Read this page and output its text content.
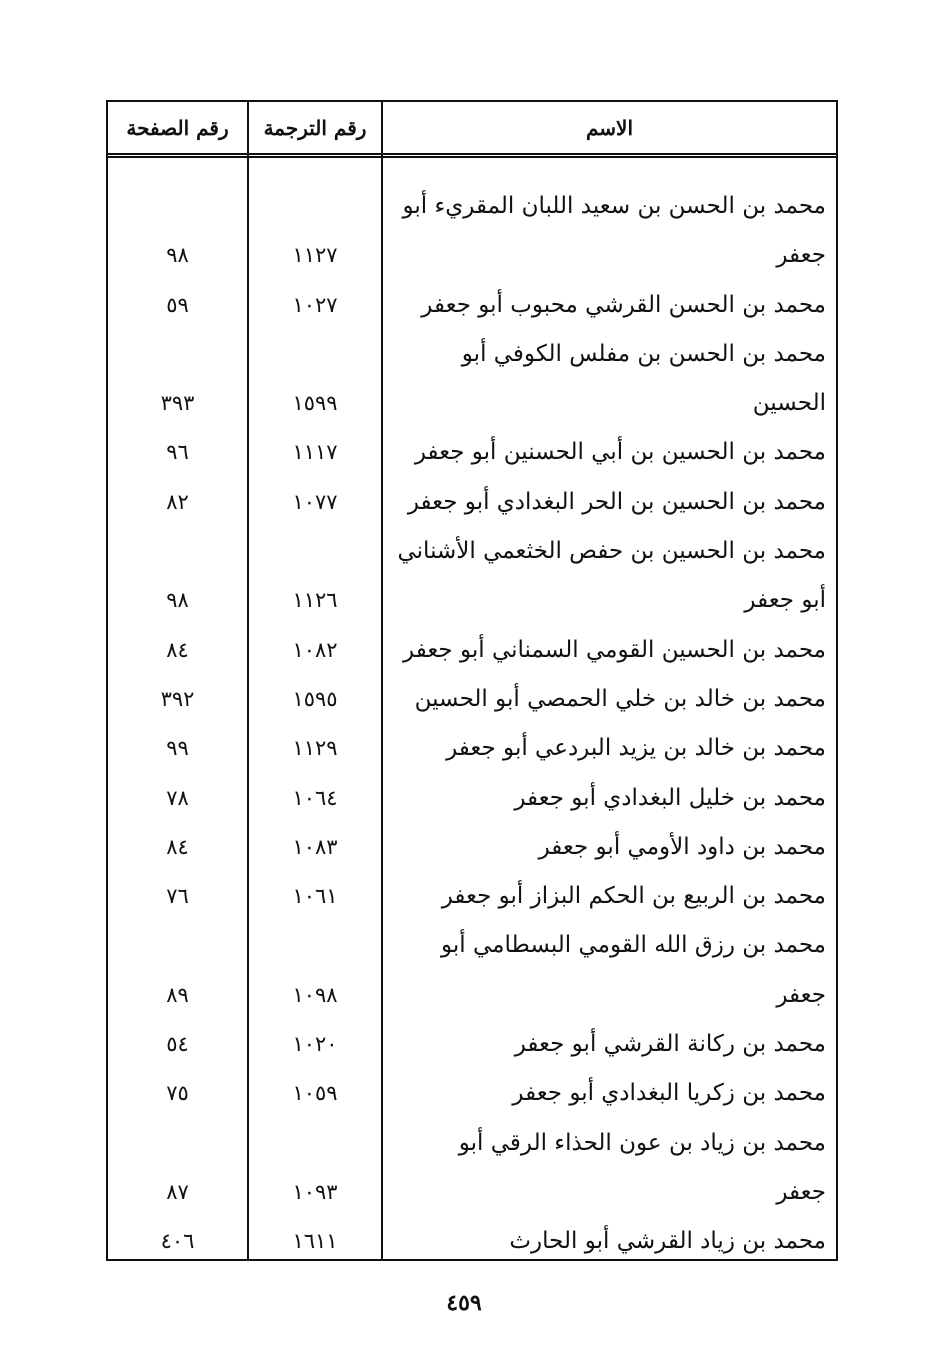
الاسم
رقم الترجمة
رقم الصفحة
محمد بن الحسن بن سعيد اللبان المقريء أبو
جعفر
١١٢٧
٩٨
محمد بن الحسن القرشي محبوب أبو جعفر
١٠٢٧
٥٩
محمد بن الحسن بن مفلس الكوفي أبو
الحسين
١٥٩٩
٣٩٣
محمد بن الحسين بن أبي الحسنين أبو جعفر
١١١٧
٩٦
محمد بن الحسين بن الحر البغدادي أبو جعفر
١٠٧٧
٨٢
محمد بن الحسين بن حفص الخثعمي الأشناني
أبو جعفر
١١٢٦
٩٨
محمد بن الحسين القومي السمناني أبو جعفر
١٠٨٢
٨٤
محمد بن خالد بن خلي الحمصي أبو الحسين
١٥٩٥
٣٩٢
محمد بن خالد بن يزيد البردعي أبو جعفر
١١٢٩
٩٩
محمد بن خليل البغدادي أبو جعفر
١٠٦٤
٧٨
محمد بن داود الأومي أبو جعفر
١٠٨٣
٨٤
محمد بن الربيع بن الحكم البزاز أبو جعفر
١٠٦١
٧٦
محمد بن رزق الله القومي البسطامي أبو
جعفر
١٠٩٨
٨٩
محمد بن ركانة القرشي أبو جعفر
١٠٢٠
٥٤
محمد بن زكريا البغدادي أبو جعفر
١٠٥٩
٧٥
محمد بن زياد بن عون الحذاء الرقي أبو
جعفر
١٠٩٣
٨٧
محمد بن زياد القرشي أبو الحارث
١٦١١
٤٠٦
٤٥٩
